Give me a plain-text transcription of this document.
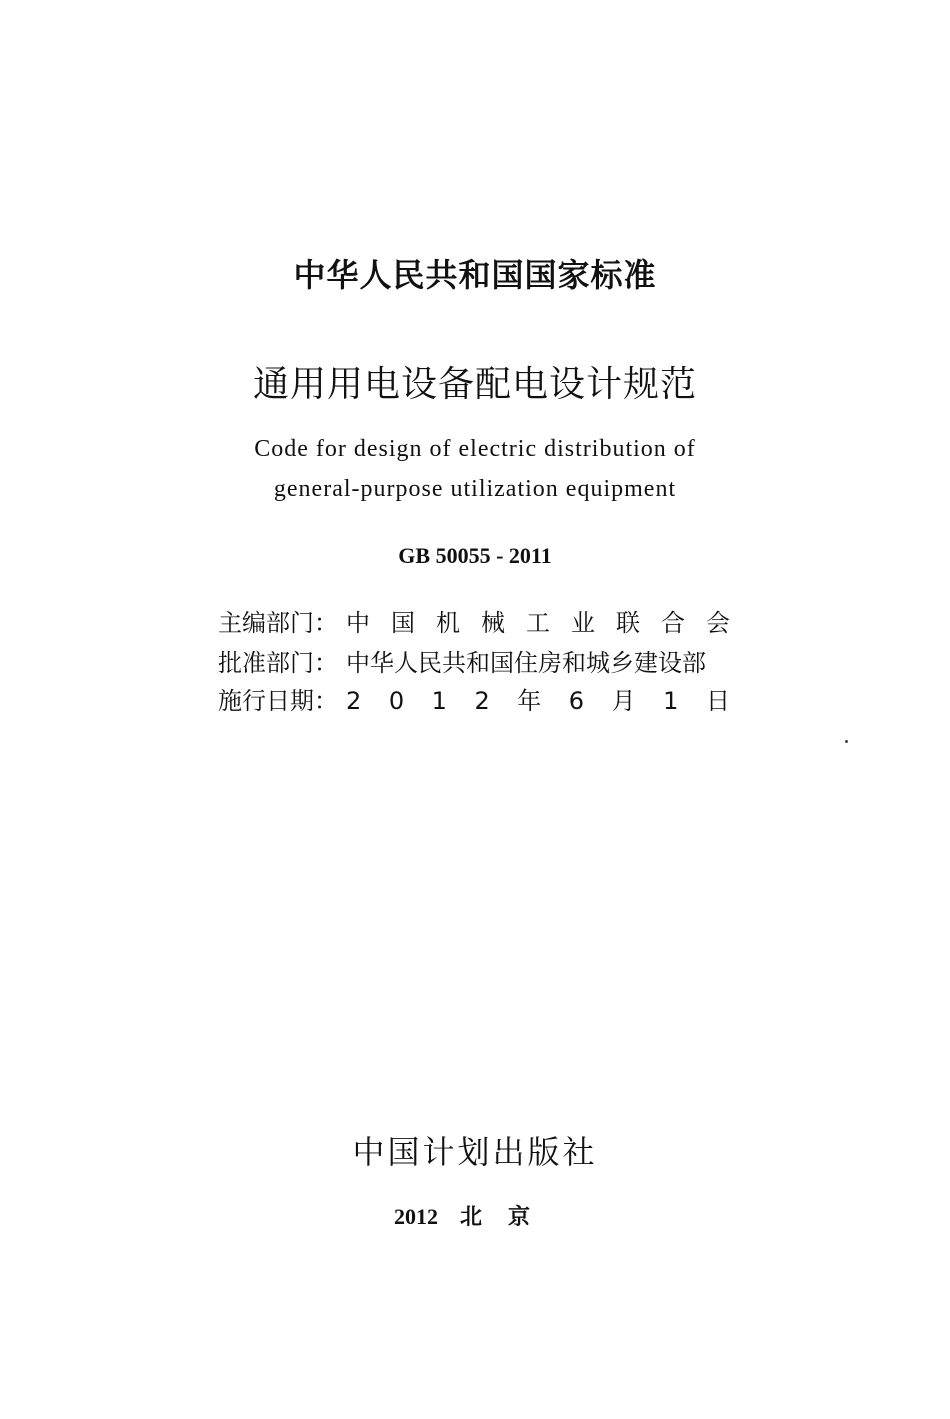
中华人民共和国国家标准
通用用电设备配电设计规范
Code for design of electric distribution of
general-purpose utilization equipment
GB 50055 - 2011
主编部门： 中 国 机 械 工 业 联 合 会
批准部门： 中华人民共和国住房和城乡建设部
施行日期： 2 0 1 2 年 6 月 1 日
中国计划出版社
2012 北京
